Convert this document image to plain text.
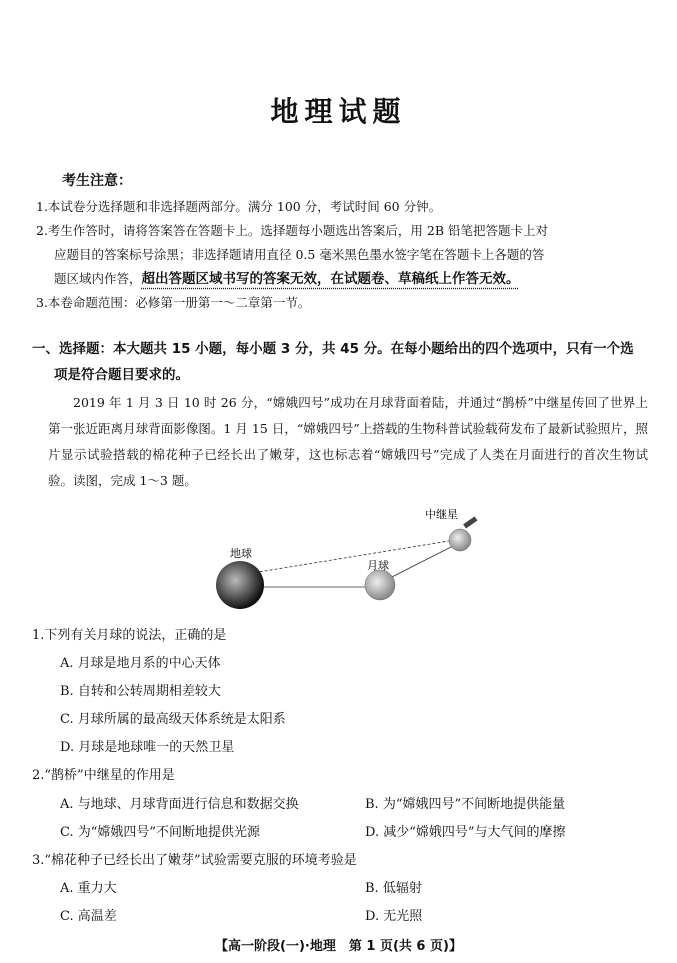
地理试题
考生注意：
1.本试卷分选择题和非选择题两部分。满分 100 分，考试时间 60 分钟。
2.考生作答时，请将答案答在答题卡上。选择题每小题选出答案后，用 2B 铅笔把答题卡上对
应题目的答案标号涂黑；非选择题请用直径 0.5 毫米黑色墨水签字笔在答题卡上各题的答
题区域内作答，超出答题区域书写的答案无效，在试题卷、草稿纸上作答无效。
3.本卷命题范围：必修第一册第一～二章第一节。
一、选择题：本大题共 15 小题，每小题 3 分，共 45 分。在每小题给出的四个选项中，只有一个选
项是符合题目要求的。
2019 年 1 月 3 日 10 时 26 分，“嫦娥四号”成功在月球背面着陆，并通过“鹊桥”中继星传回了世界上第一张近距离月球背面影像图。1 月 15 日，“嫦娥四号”上搭载的生物科普试验载荷发布了最新试验照片，照片显示试验搭载的棉花种子已经长出了嫩芽，这也标志着“嫦娥四号”完成了人类在月面进行的首次生物试验。读图，完成 1～3 题。
地球
月球
中继星
1.下列有关月球的说法，正确的是
A. 月球是地月系的中心天体
B. 自转和公转周期相差较大
C. 月球所属的最高级天体系统是太阳系
D. 月球是地球唯一的天然卫星
2.“鹊桥”中继星的作用是
A. 与地球、月球背面进行信息和数据交换	B. 为“嫦娥四号”不间断地提供能量
C. 为“嫦娥四号”不间断地提供光源	D. 减少“嫦娥四号”与大气间的摩擦
3.“棉花种子已经长出了嫩芽”试验需要克服的环境考验是
A. 重力大	B. 低辐射
C. 高温差	D. 无光照
【高一阶段(一)·地理　第 1 页(共 6 页)】
